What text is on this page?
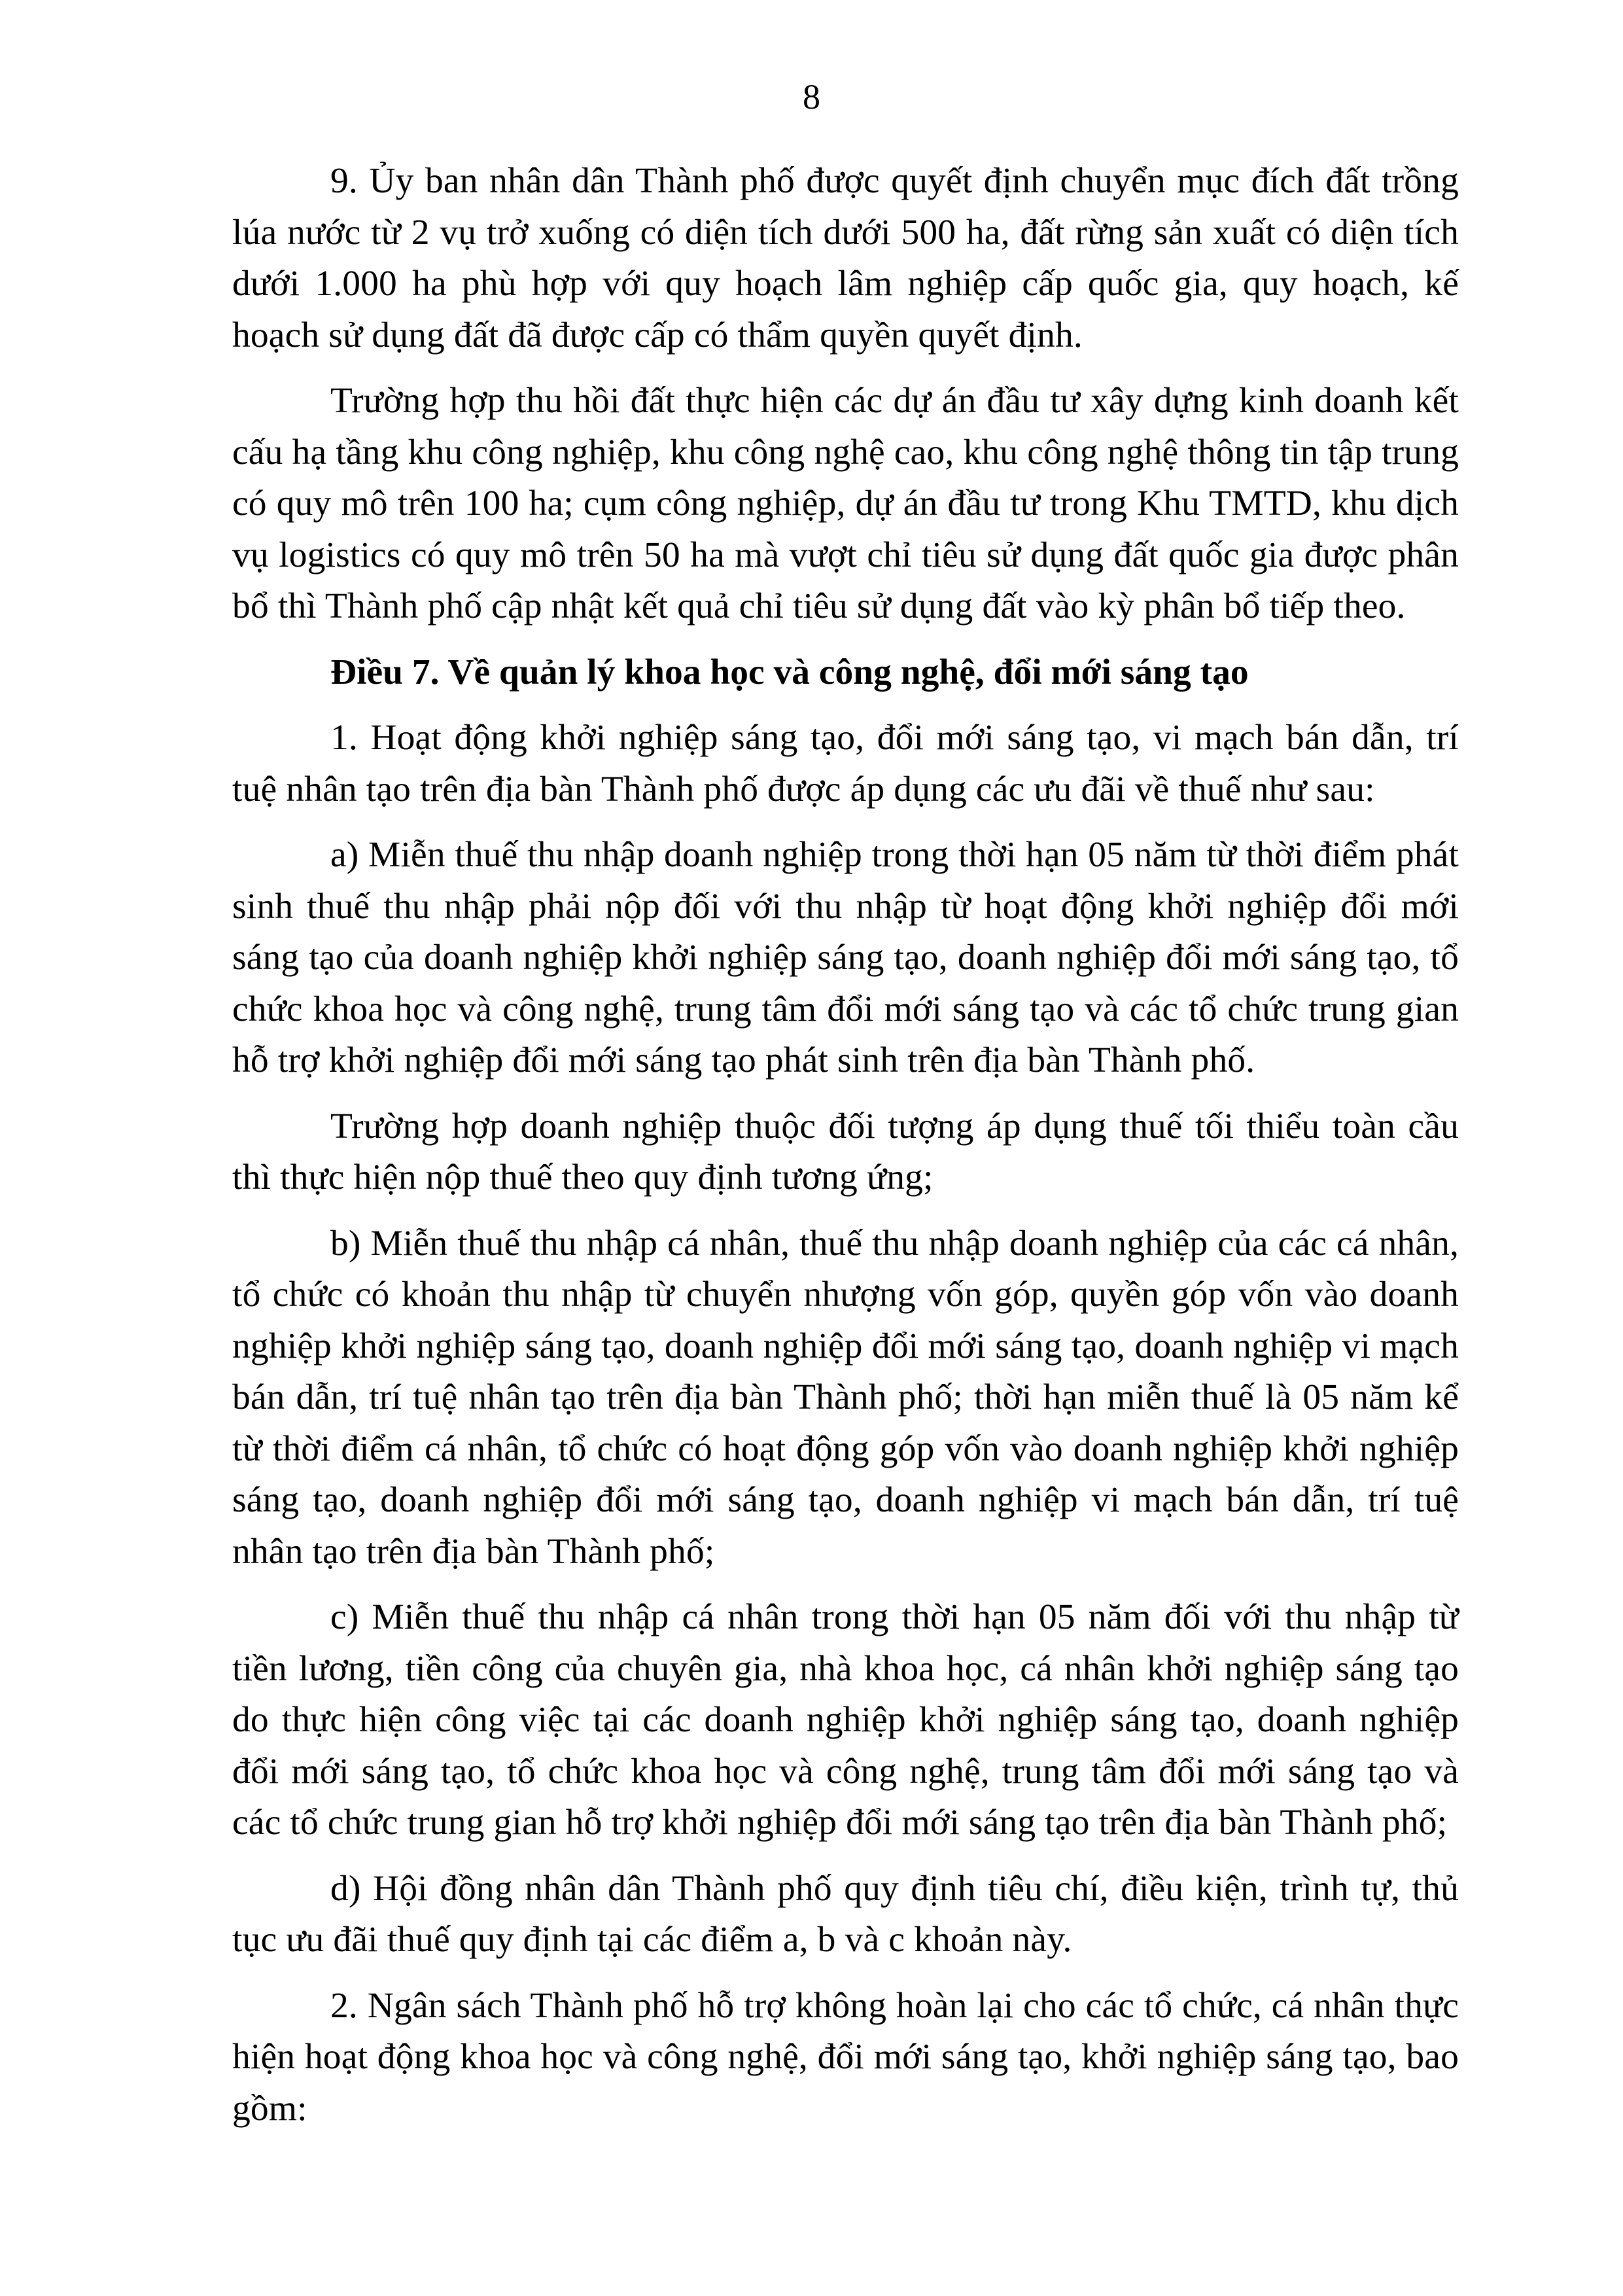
8

9. Ủy ban nhân dân Thành phố được quyết định chuyển mục đích đất trồng lúa nước từ 2 vụ trở xuống có diện tích dưới 500 ha, đất rừng sản xuất có diện tích dưới 1.000 ha phù hợp với quy hoạch lâm nghiệp cấp quốc gia, quy hoạch, kế hoạch sử dụng đất đã được cấp có thẩm quyền quyết định.

Trường hợp thu hồi đất thực hiện các dự án đầu tư xây dựng kinh doanh kết cấu hạ tầng khu công nghiệp, khu công nghệ cao, khu công nghệ thông tin tập trung có quy mô trên 100 ha; cụm công nghiệp, dự án đầu tư trong Khu TMTD, khu dịch vụ logistics có quy mô trên 50 ha mà vượt chỉ tiêu sử dụng đất quốc gia được phân bổ thì Thành phố cập nhật kết quả chỉ tiêu sử dụng đất vào kỳ phân bổ tiếp theo.

Điều 7. Về quản lý khoa học và công nghệ, đổi mới sáng tạo

1. Hoạt động khởi nghiệp sáng tạo, đổi mới sáng tạo, vi mạch bán dẫn, trí tuệ nhân tạo trên địa bàn Thành phố được áp dụng các ưu đãi về thuế như sau:

a) Miễn thuế thu nhập doanh nghiệp trong thời hạn 05 năm từ thời điểm phát sinh thuế thu nhập phải nộp đối với thu nhập từ hoạt động khởi nghiệp đổi mới sáng tạo của doanh nghiệp khởi nghiệp sáng tạo, doanh nghiệp đổi mới sáng tạo, tổ chức khoa học và công nghệ, trung tâm đổi mới sáng tạo và các tổ chức trung gian hỗ trợ khởi nghiệp đổi mới sáng tạo phát sinh trên địa bàn Thành phố.

Trường hợp doanh nghiệp thuộc đối tượng áp dụng thuế tối thiểu toàn cầu thì thực hiện nộp thuế theo quy định tương ứng;

b) Miễn thuế thu nhập cá nhân, thuế thu nhập doanh nghiệp của các cá nhân, tổ chức có khoản thu nhập từ chuyển nhượng vốn góp, quyền góp vốn vào doanh nghiệp khởi nghiệp sáng tạo, doanh nghiệp đổi mới sáng tạo, doanh nghiệp vi mạch bán dẫn, trí tuệ nhân tạo trên địa bàn Thành phố; thời hạn miễn thuế là 05 năm kể từ thời điểm cá nhân, tổ chức có hoạt động góp vốn vào doanh nghiệp khởi nghiệp sáng tạo, doanh nghiệp đổi mới sáng tạo, doanh nghiệp vi mạch bán dẫn, trí tuệ nhân tạo trên địa bàn Thành phố;

c) Miễn thuế thu nhập cá nhân trong thời hạn 05 năm đối với thu nhập từ tiền lương, tiền công của chuyên gia, nhà khoa học, cá nhân khởi nghiệp sáng tạo do thực hiện công việc tại các doanh nghiệp khởi nghiệp sáng tạo, doanh nghiệp đổi mới sáng tạo, tổ chức khoa học và công nghệ, trung tâm đổi mới sáng tạo và các tổ chức trung gian hỗ trợ khởi nghiệp đổi mới sáng tạo trên địa bàn Thành phố;

d) Hội đồng nhân dân Thành phố quy định tiêu chí, điều kiện, trình tự, thủ tục ưu đãi thuế quy định tại các điểm a, b và c khoản này.

2. Ngân sách Thành phố hỗ trợ không hoàn lại cho các tổ chức, cá nhân thực hiện hoạt động khoa học và công nghệ, đổi mới sáng tạo, khởi nghiệp sáng tạo, bao gồm:
